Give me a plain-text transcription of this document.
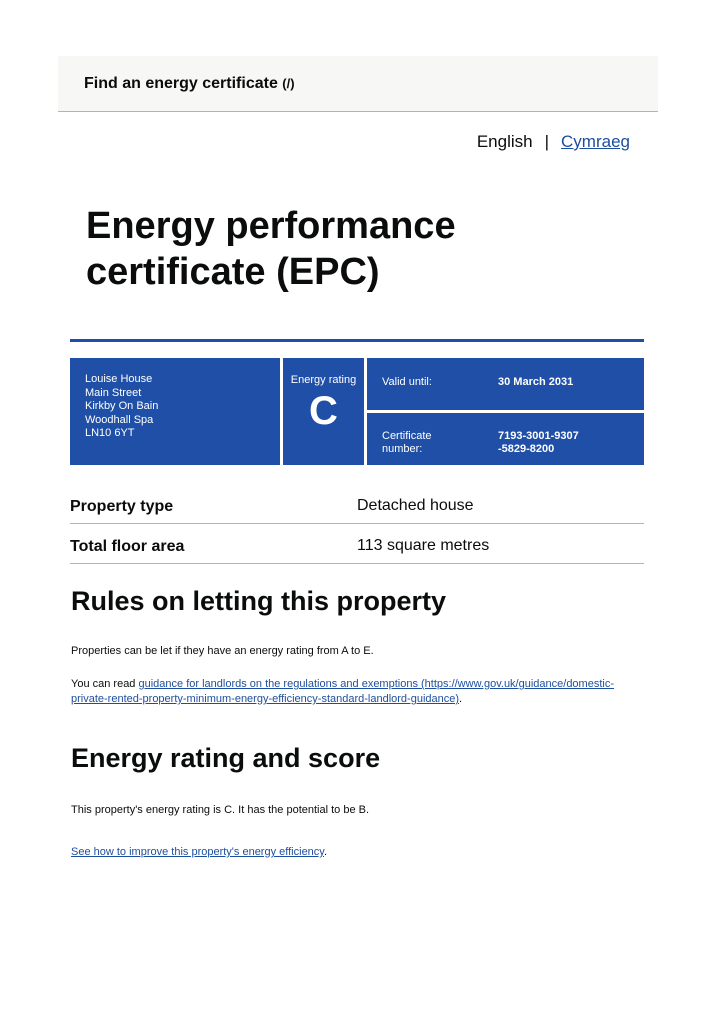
Find an energy certificate (/)
English | Cymraeg
Energy performance certificate (EPC)
Louise House
Main Street
Kirkby On Bain
Woodhall Spa
LN10 6YT
Energy rating
C
Valid until:	30 March 2031
Certificate number:
7193-3001-9307
-5829-8200
Property type	Detached house
Total floor area	113 square metres
Rules on letting this property
Properties can be let if they have an energy rating from A to E.
You can read guidance for landlords on the regulations and exemptions (https://www.gov.uk/guidance/domestic-private-rented-property-minimum-energy-efficiency-standard-landlord-guidance).
Energy rating and score
This property's energy rating is C. It has the potential to be B.
See how to improve this property's energy efficiency.
